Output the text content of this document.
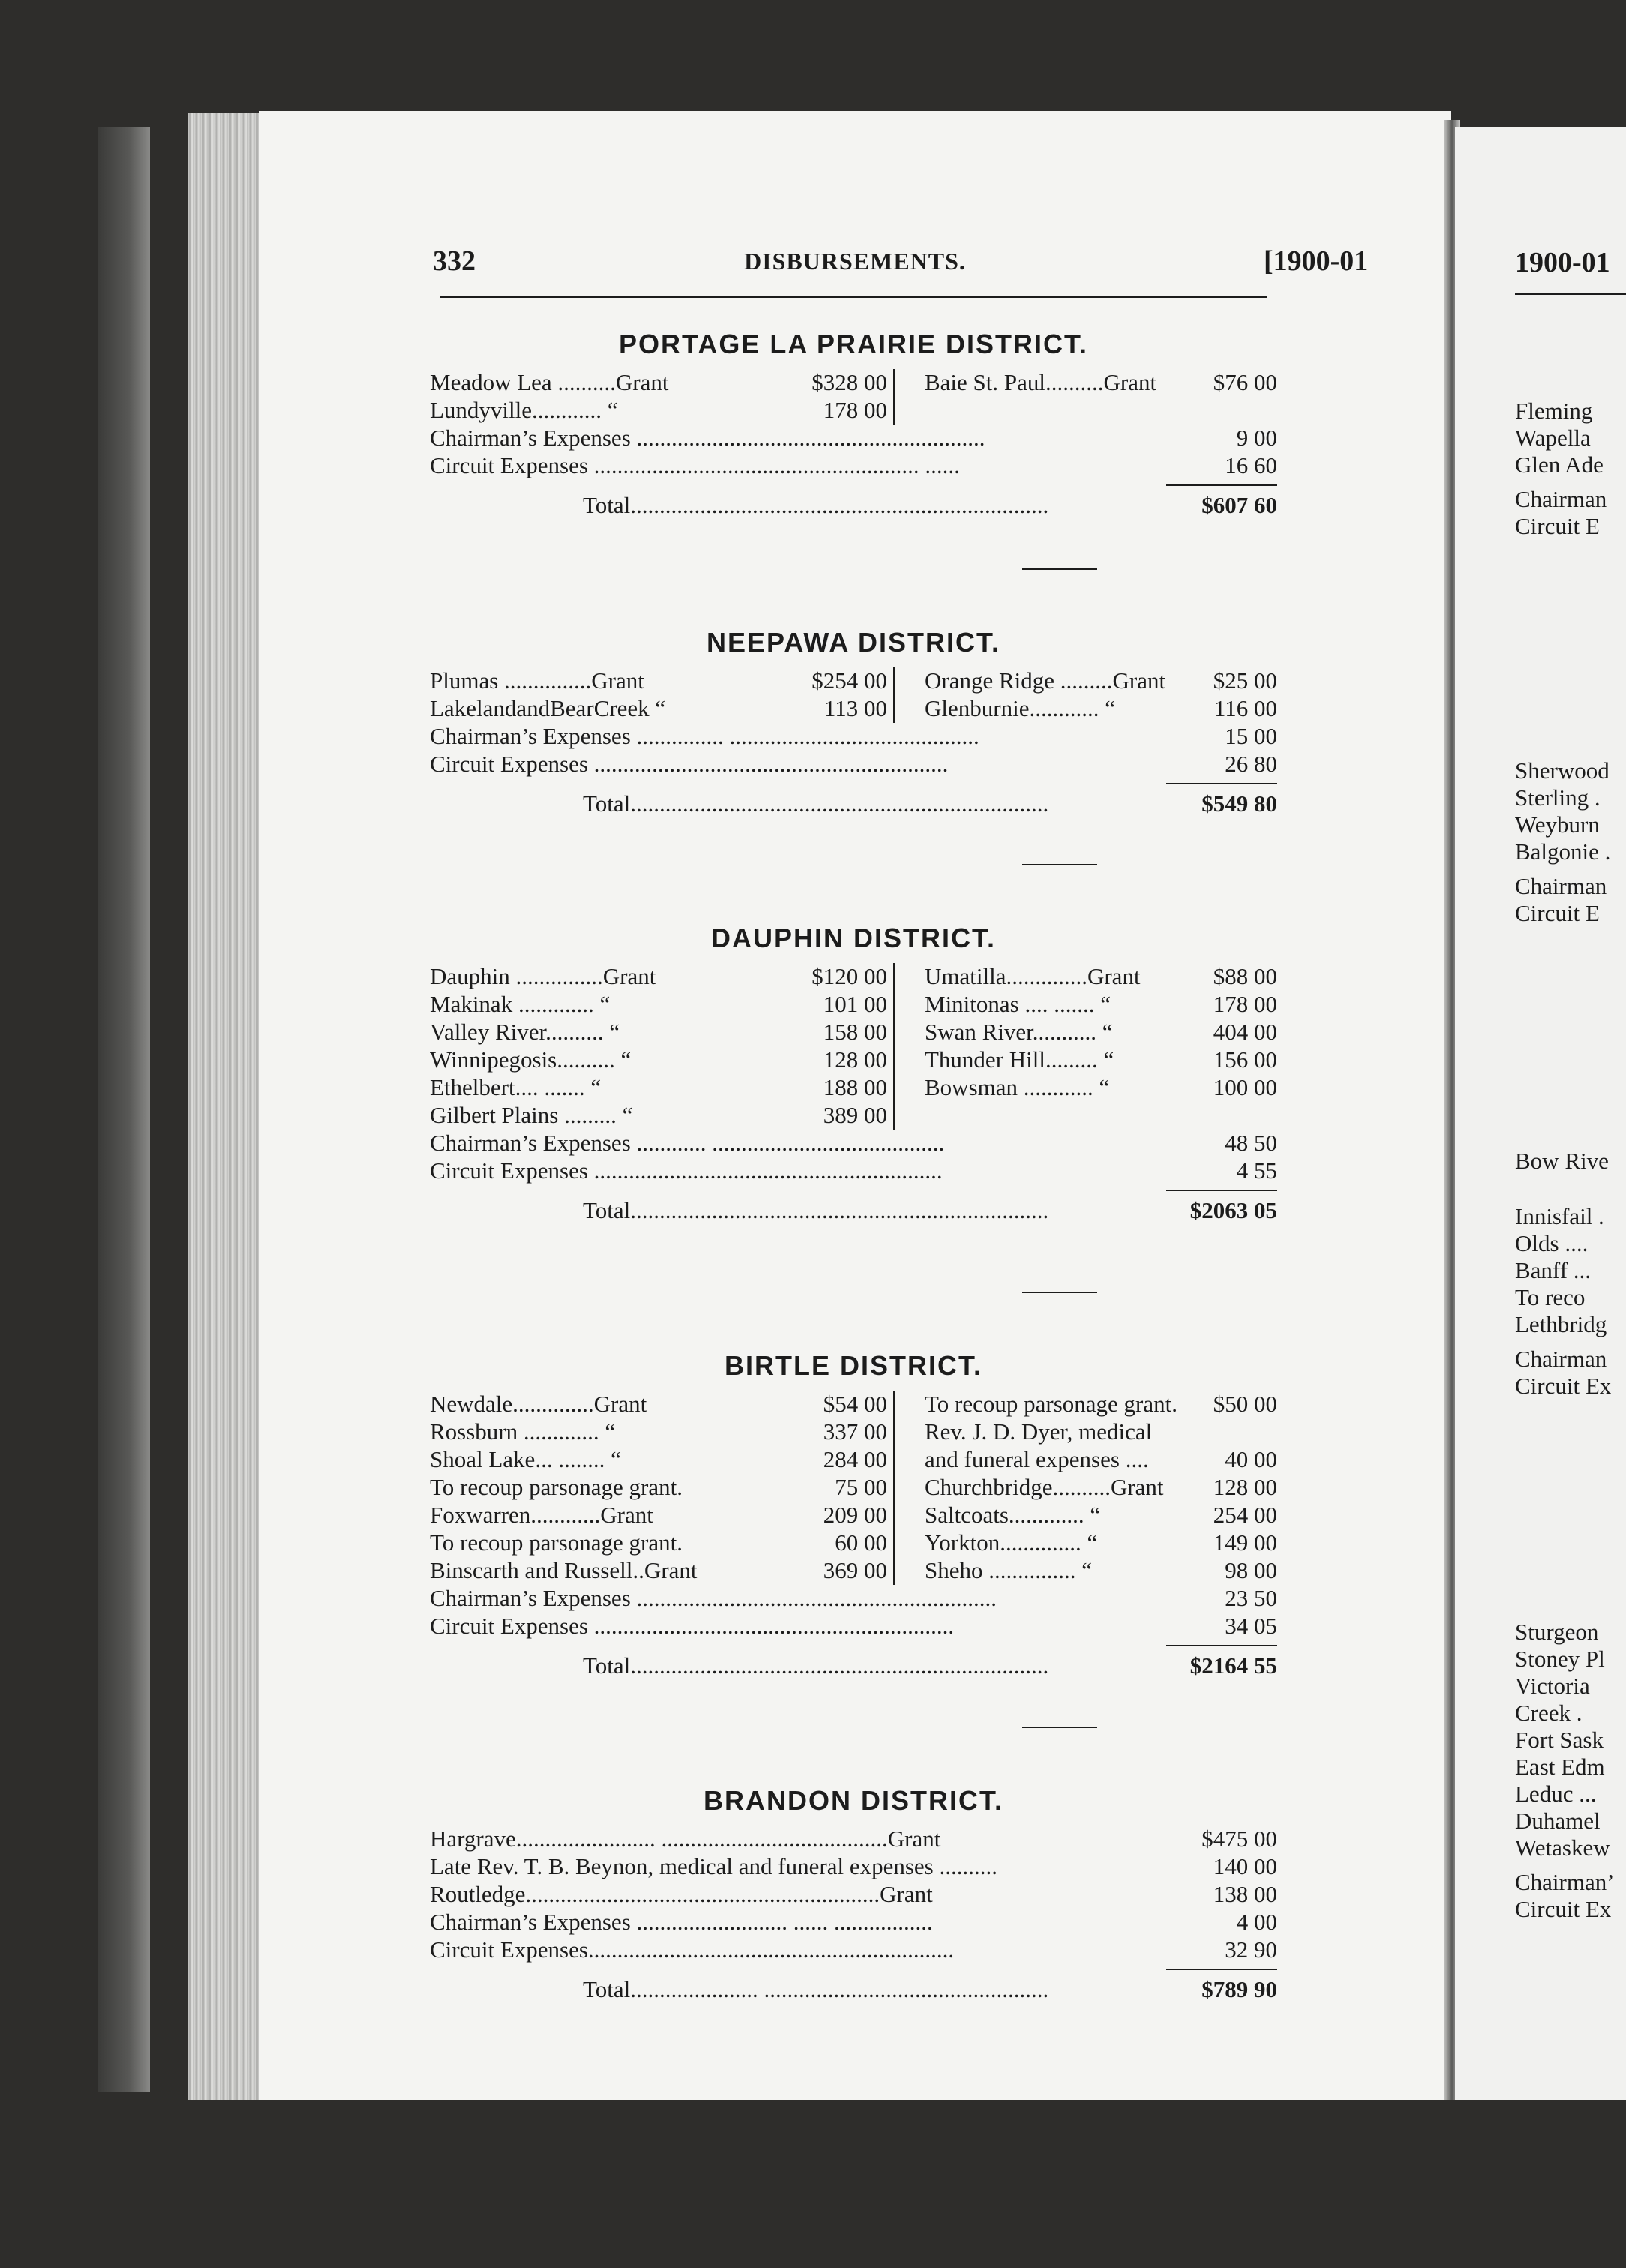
332	DISBURSEMENTS.	[1900-01
PORTAGE LA PRAIRIE DISTRICT.
Meadow Lea ..........Grant	$328 00 Baie St. Paul..........Grant $76 00
Lundyville............ “	178 00
Chairman’s Expenses ............................................................	9 00
Circuit Expenses ........................................................ ......	16 60
Total........................................................................	$607 60
NEEPAWA DISTRICT.
Plumas ...............Grant	$254 00 Orange Ridge .........Grant $25 00
LakelandandBearCreek “	113 00 Glenburnie............ “	116 00
Chairman’s Expenses ............... ...........................................	15 00
Circuit Expenses .............................................................	26 80
Total........................................................................	$549 80
DAUPHIN DISTRICT.
Dauphin ...............Grant	$120 00 Umatilla..............Grant	$88 00
Makinak ............. “	101 00 Minitonas .... ....... “	178 00
Valley River.......... “	158 00 Swan River........... “	404 00
Winnipegosis.......... “	128 00 Thunder Hill......... “	156 00
Ethelbert.... ....... “	188 00 Bowsman ............ “	100 00
Gilbert Plains ......... “	389 00
Chairman’s Expenses ............ ........................................	48 50
Circuit Expenses ............................................................	4 55
Total........................................................................	$2063 05
BIRTLE DISTRICT.
Newdale..............Grant	$54 00 To recoup parsonage grant. $50 00
Rossburn ............. “	337 00 Rev. J. D. Dyer, medical
Shoal Lake... ........ “	284 00 and funeral expenses ....	40 00
To recoup parsonage grant.	75 00 Churchbridge..........Grant 128 00
Foxwarren............Grant	209 00 Saltcoats............. “	254 00
To recoup parsonage grant.	60 00 Yorkton.............. “	149 00
Binscarth and Russell..Grant	369 00 Sheho ............... “	98 00
Chairman’s Expenses ..............................................................	23 50
Circuit Expenses ..............................................................	34 05
Total........................................................................	$2164 55
BRANDON DISTRICT.
Hargrave........................ .......................................Grant	$475 00
Late Rev. T. B. Beynon, medical and funeral expenses ..........	140 00
Routledge.............................................................Grant	138 00
Chairman’s Expenses .......................... ...... .................	4 00
Circuit Expenses...............................................................	32 90
Total...................... .................................................	$789 90
1900-01
Fleming
Wapella
Glen Ade
Chairman
Circuit E
Sherwood
Sterling .
Weyburn
Balgonie .
Chairman
Circuit E
Bow Rive
Innisfail .
Olds ....
Banff ...
To reco
Lethbridg
Chairman
Circuit Ex
Sturgeon
Stoney Pl
Victoria
Creek .
Fort Sask
East Edm
Leduc ...
Duhamel
Wetaskew
Chairman’
Circuit Ex
